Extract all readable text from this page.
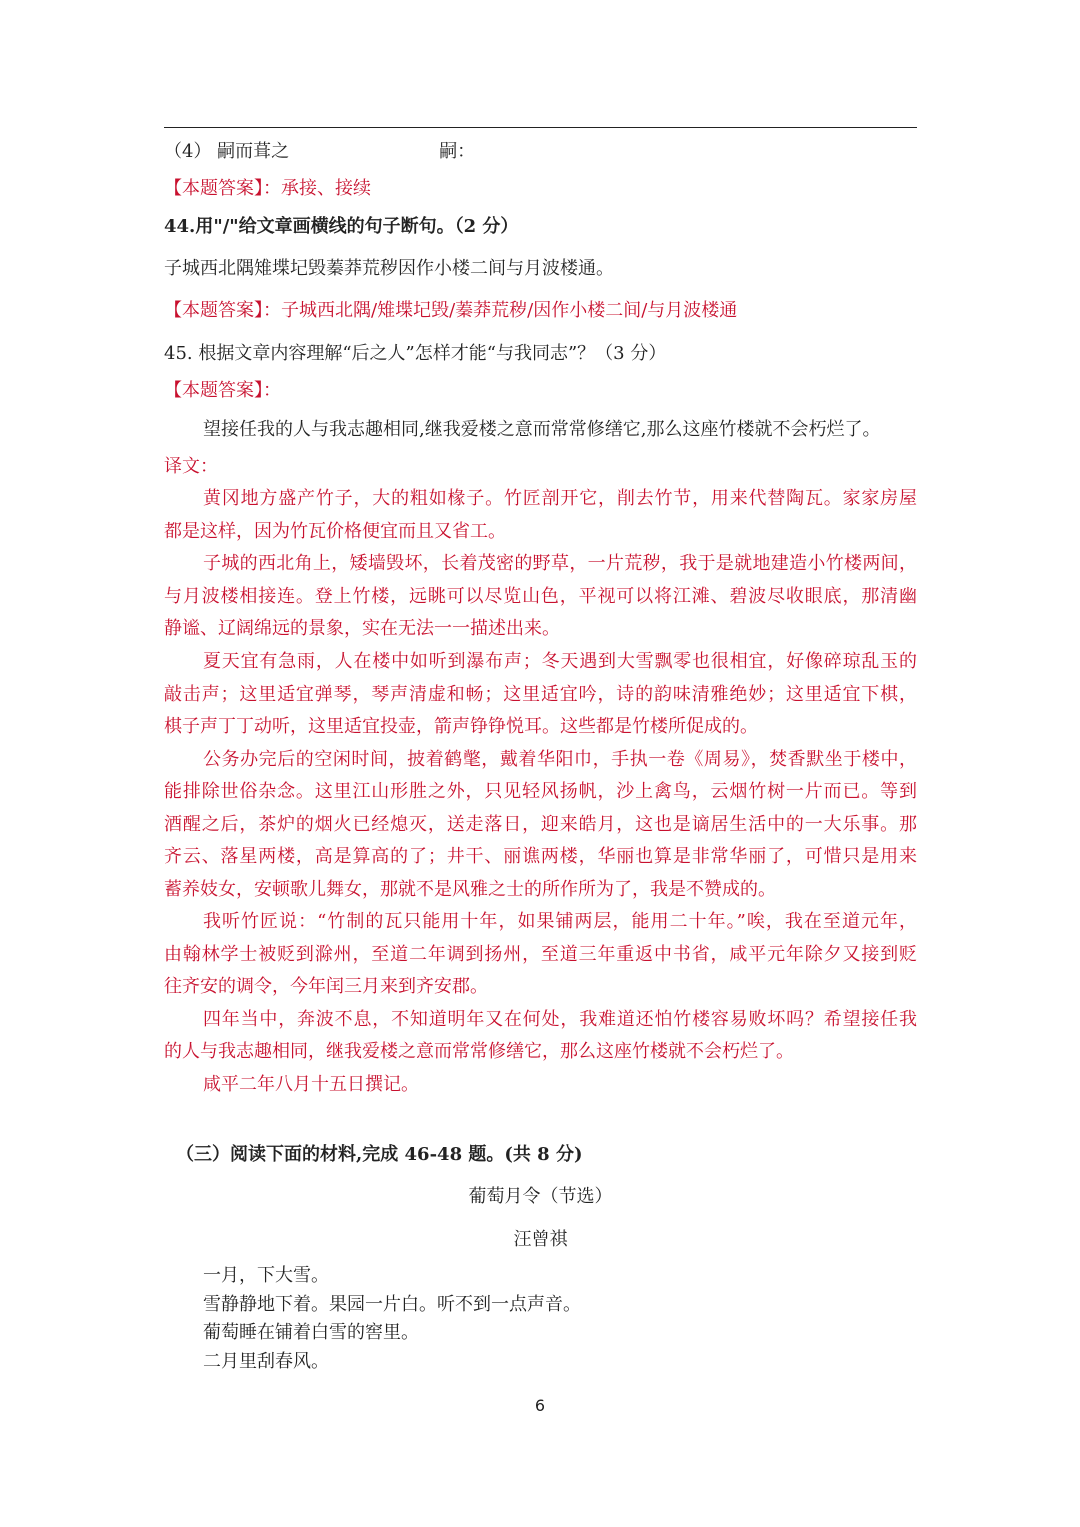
（4） 嗣而葺之	嗣：
【本题答案】：承接、接续
44.用"/"给文章画横线的句子断句。（2 分）
子城西北隅雉堞圮毁蓁莽荒秽因作小楼二间与月波楼通。
【本题答案】：子城西北隅/雉堞圮毁/蓁莽荒秽/因作小楼二间/与月波楼通
45. 根据文章内容理解“后之人”怎样才能“与我同志”？（3 分）
【本题答案】：
望接任我的人与我志趣相同,继我爱楼之意而常常修缮它,那么这座竹楼就不会朽烂了。
译文：
黄冈地方盛产竹子，大的粗如椽子。竹匠剖开它，削去竹节，用来代替陶瓦。家家房屋
都是这样，因为竹瓦价格便宜而且又省工。
子城的西北角上，矮墙毁坏，长着茂密的野草，一片荒秽，我于是就地建造小竹楼两间，
与月波楼相接连。登上竹楼，远眺可以尽览山色，平视可以将江滩、碧波尽收眼底，那清幽
静谧、辽阔绵远的景象，实在无法一一描述出来。
夏天宜有急雨，人在楼中如听到瀑布声；冬天遇到大雪飘零也很相宜，好像碎琼乱玉的
敲击声；这里适宜弹琴，琴声清虚和畅；这里适宜吟，诗的韵味清雅绝妙；这里适宜下棋，
棋子声丁丁动听，这里适宜投壶，箭声铮铮悦耳。这些都是竹楼所促成的。
公务办完后的空闲时间，披着鹤氅，戴着华阳巾，手执一卷《周易》，焚香默坐于楼中，
能排除世俗杂念。这里江山形胜之外，只见轻风扬帆，沙上禽鸟，云烟竹树一片而已。等到
酒醒之后，茶炉的烟火已经熄灭，送走落日，迎来皓月，这也是谪居生活中的一大乐事。那
齐云、落星两楼，高是算高的了；井干、丽谯两楼，华丽也算是非常华丽了，可惜只是用来
蓄养妓女，安顿歌儿舞女，那就不是风雅之士的所作所为了，我是不赞成的。
我听竹匠说：“竹制的瓦只能用十年，如果铺两层，能用二十年。”唉，我在至道元年，
由翰林学士被贬到滁州，至道二年调到扬州，至道三年重返中书省，咸平元年除夕又接到贬
往齐安的调令，今年闰三月来到齐安郡。
四年当中，奔波不息，不知道明年又在何处，我难道还怕竹楼容易败坏吗？希望接任我
的人与我志趣相同，继我爱楼之意而常常修缮它，那么这座竹楼就不会朽烂了。
咸平二年八月十五日撰记。
（三）阅读下面的材料,完成 46-48 题。(共 8 分)
葡萄月令（节选）
汪曾祺
一月，下大雪。
雪静静地下着。果园一片白。听不到一点声音。
葡萄睡在铺着白雪的窖里。
二月里刮春风。
6
